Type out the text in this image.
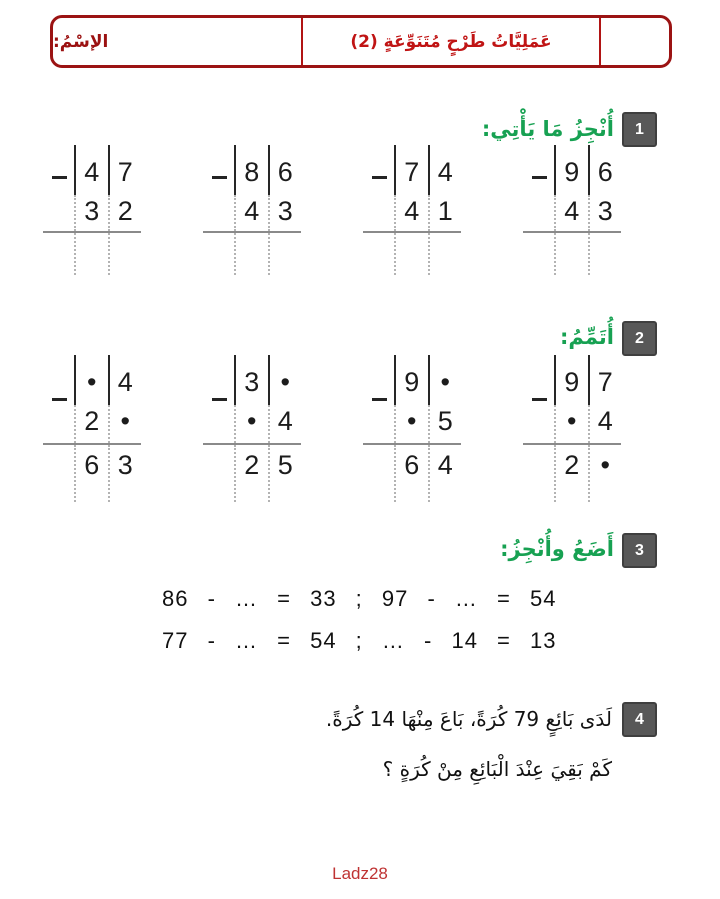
عَمَلِيَّاتُ طَرْحٍ مُتَنَوِّعَةٍ (2)
الإسْمُ:
1
أُنْجِزُ مَا يَأْتِي:
4 7
3 2
8 6
4 3
7 4
4 1
9 6
4 3
2
أُتَمِّمُ:
• 4
2 •
6 3
3 •
• 4
2 5
9 •
• 5
6 4
9 7
• 4
2 •
3
أَضَعُ وأُنْجِزُ:
86 - … = 33 ; 97 - … = 54
77 - … = 54 ; … - 14 = 13
4
لَدَى بَائِعٍ 79 كُرَةً، بَاعَ مِنْهَا 14 كُرَةً.
كَمْ بَقِيَ عِنْدَ الْبَائِعِ مِنْ كُرَةٍ ؟
Ladz28
